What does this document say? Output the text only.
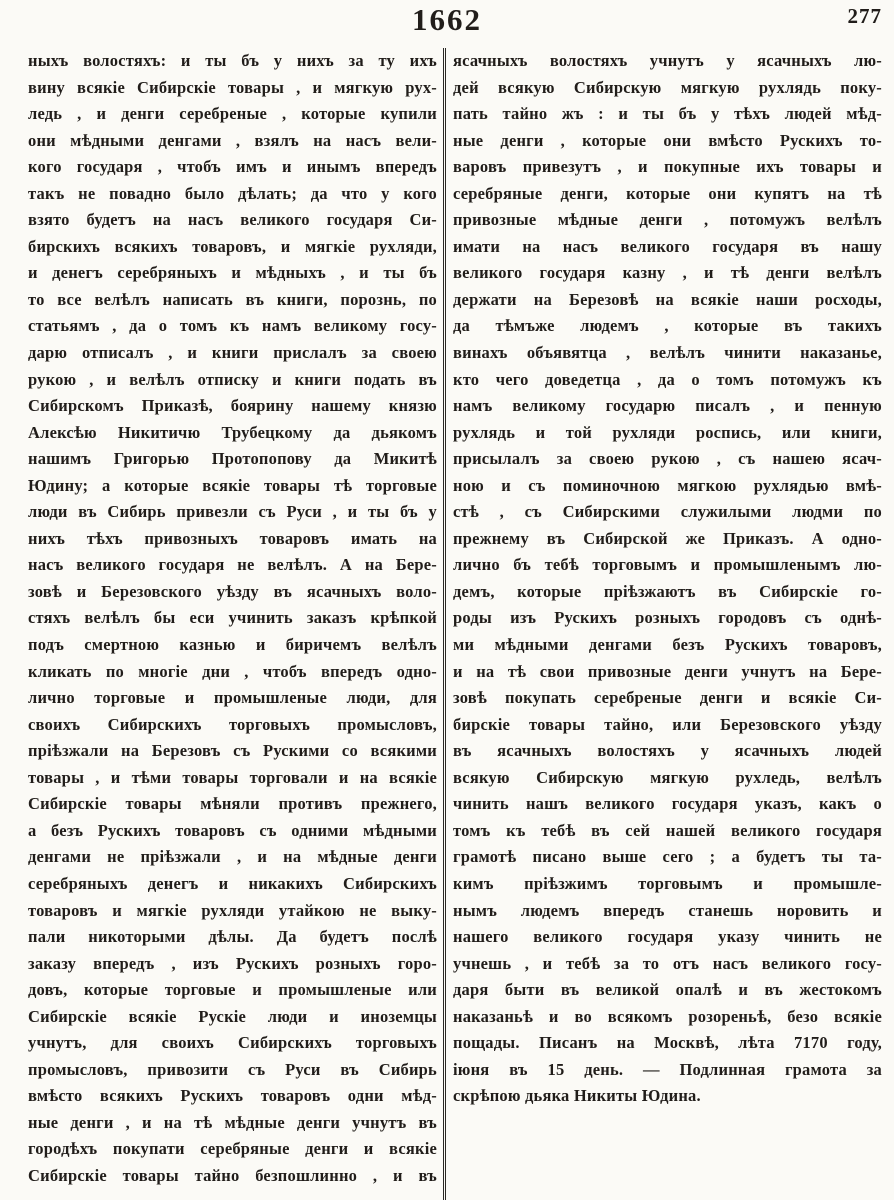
1662	277
ныхъ волостяхъ: и ты бъ у нихъ за ту ихъ
вину всякіе Сибирскіе товары , и мягкую рух-
ледь , и денги серебреные , которые купили
они мѣдными денгами , взялъ на насъ вели-
кого государя , чтобъ имъ и инымъ впередъ
такъ не повадно было дѣлать; да что у кого
взято будетъ на насъ великого государя Си-
бирскихъ всякихъ товаровъ, и мягкіе рухляди,
и денегъ серебряныхъ и мѣдныхъ , и ты бъ
то все велѣлъ написать въ книги, порознь, по
статьямъ , да о томъ къ намъ великому госу-
дарю отписалъ , и книги прислалъ за своею
рукою , и велѣлъ отписку и книги подать въ
Сибирскомъ Приказѣ, боярину нашему князю
Алексѣю Никитичю Трубецкому да дьякомъ
нашимъ Григорью Протопопову да Микитѣ
Юдину; а которые всякіе товары тѣ торговые
люди въ Сибирь привезли съ Руси , и ты бъ у
нихъ тѣхъ привозныхъ товаровъ имать на
насъ великого государя не велѣлъ. А на Бере-
зовѣ и Березовского уѣзду въ ясачныхъ воло-
стяхъ велѣлъ бы еси учинить заказъ крѣпкой
подъ смертною казнью и биричемъ велѣлъ
кликать по многіе дни , чтобъ впередъ одно-
лично торговые и промышленые люди, для
своихъ Сибирскихъ торговыхъ промысловъ,
пріѣзжали на Березовъ съ Рускими со всякими
товары , и тѣми товары торговали и на всякіе
Сибирскіе товары мѣняли противъ прежнего,
а безъ Рускихъ товаровъ съ одними мѣдными
денгами не пріѣзжали , и на мѣдные денги
серебряныхъ денегъ и никакихъ Сибирскихъ
товаровъ и мягкіе рухляди утайкою не выку-
пали никоторыми дѣлы. Да будетъ послѣ
заказу впередъ , изъ Рускихъ розныхъ горо-
довъ, которые торговые и промышленые или
Сибирскіе всякіе Рускіе люди и иноземцы
учнутъ, для своихъ Сибирскихъ торговыхъ
промысловъ, привозити съ Руси въ Сибирь
вмѣсто всякихъ Рускихъ товаровъ одни мѣд-
ные денги , и на тѣ мѣдные денги учнутъ въ
городѣхъ покупати серебряные денги и всякіе
Сибирскіе товары тайно безпошлинно , и въ
ясачныхъ волостяхъ учнутъ у ясачныхъ лю-
дей всякую Сибирскую мягкую рухлядь поку-
пать тайно жъ : и ты бъ у тѣхъ людей мѣд-
ные денги , которые они вмѣсто Рускихъ то-
варовъ привезутъ , и покупные ихъ товары и
серебряные денги, которые они купятъ на тѣ
привозные мѣдные денги , потомужъ велѣлъ
имати на насъ великого государя въ нашу
великого государя казну , и тѣ денги велѣлъ
держати на Березовѣ на всякіе наши росходы,
да тѣмъже людемъ , которые въ такихъ
винахъ объявятца , велѣлъ чинити наказанье,
кто чего доведетца , да о томъ потомужъ къ
намъ великому государю писалъ , и пенную
рухлядь и той рухляди роспись, или книги,
присылалъ за своею рукою , съ нашею ясач-
ною и съ поминочною мягкою рухлядью вмѣ-
стѣ , съ Сибирскими служилыми людми по
прежнему въ Сибирской же Приказъ. А одно-
лично бъ тебѣ торговымъ и промышленымъ лю-
демъ, которые пріѣзжаютъ въ Сибирскіе го-
роды изъ Рускихъ розныхъ городовъ съ однѣ-
ми мѣдными денгами безъ Рускихъ товаровъ,
и на тѣ свои привозные денги учнутъ на Бере-
зовѣ покупать серебреные денги и всякіе Си-
бирскіе товары тайно, или Березовского уѣзду
въ ясачныхъ волостяхъ у ясачныхъ людей
всякую Сибирскую мягкую рухледь, велѣлъ
чинить нашъ великого государя указъ, какъ о
томъ къ тебѣ въ сей нашей великого государя
грамотѣ писано выше сего ; а будетъ ты та-
кимъ пріѣзжимъ торговымъ и промышле-
нымъ людемъ впередъ станешь норовить и
нашего великого государя указу чинить не
учнешь , и тебѣ за то отъ насъ великого госу-
даря быти въ великой опалѣ и въ жестокомъ
наказаньѣ и во всякомъ розореньѣ, безо всякіе
пощады. Писанъ на Москвѣ, лѣта 7170 году,
іюня въ 15 день. — Подлинная грамота за
скрѣпою дьяка Никиты Юдина.
